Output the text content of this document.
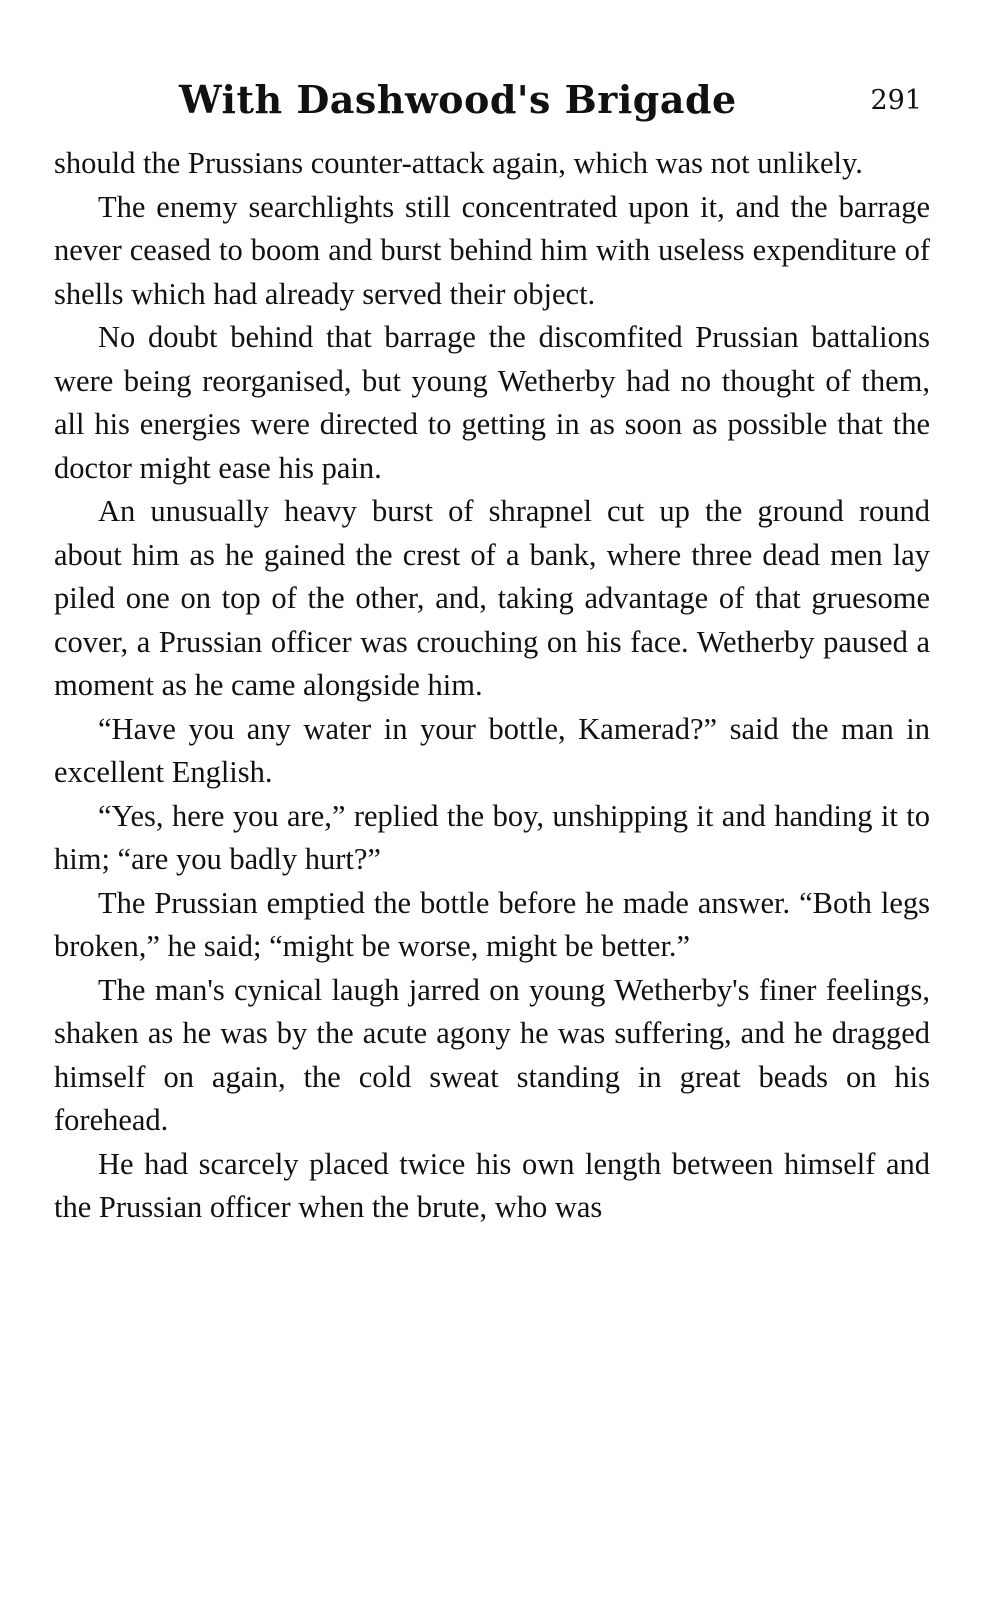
With Dashwood's Brigade	291

should the Prussians counter-attack again, which was not unlikely.

The enemy searchlights still concentrated upon it, and the barrage never ceased to boom and burst behind him with useless expenditure of shells which had already served their object.

No doubt behind that barrage the discomfited Prussian battalions were being reorganised, but young Wetherby had no thought of them, all his energies were directed to getting in as soon as possible that the doctor might ease his pain.

An unusually heavy burst of shrapnel cut up the ground round about him as he gained the crest of a bank, where three dead men lay piled one on top of the other, and, taking advantage of that gruesome cover, a Prussian officer was crouching on his face. Wetherby paused a moment as he came alongside him.

“Have you any water in your bottle, Kamerad?” said the man in excellent English.

“Yes, here you are,” replied the boy, unshipping it and handing it to him; “are you badly hurt?”

The Prussian emptied the bottle before he made answer. “Both legs broken,” he said; “might be worse, might be better.”

The man's cynical laugh jarred on young Wetherby's finer feelings, shaken as he was by the acute agony he was suffering, and he dragged himself on again, the cold sweat standing in great beads on his forehead.

He had scarcely placed twice his own length between himself and the Prussian officer when the brute, who was
